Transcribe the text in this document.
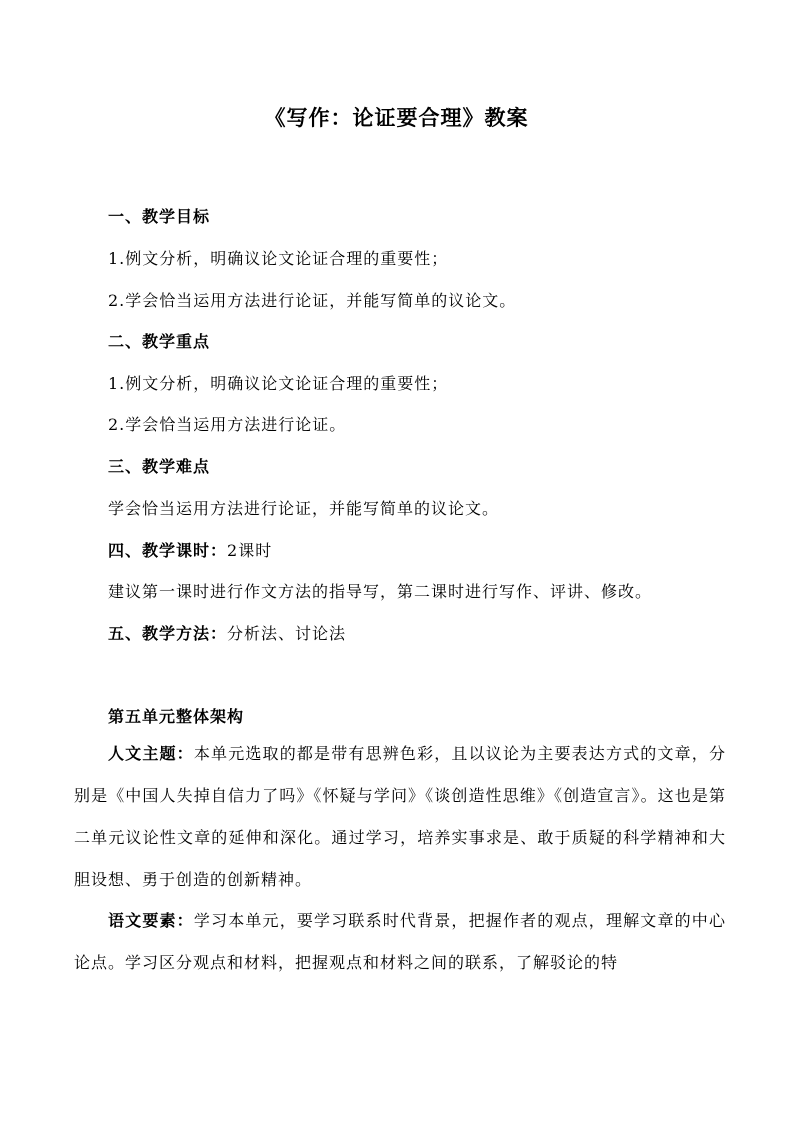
《写作：论证要合理》教案
一、教学目标
1.例文分析，明确议论文论证合理的重要性；
2.学会恰当运用方法进行论证，并能写简单的议论文。
二、教学重点
1.例文分析，明确议论文论证合理的重要性；
2.学会恰当运用方法进行论证。
三、教学难点
学会恰当运用方法进行论证，并能写简单的议论文。
四、教学课时：2课时
建议第一课时进行作文方法的指导写，第二课时进行写作、评讲、修改。
五、教学方法：分析法、讨论法
第五单元整体架构
人文主题：本单元选取的都是带有思辨色彩，且以议论为主要表达方式的文章，分别是《中国人失掉自信力了吗》《怀疑与学问》《谈创造性思维》《创造宣言》。这也是第二单元议论性文章的延伸和深化。通过学习，培养实事求是、敢于质疑的科学精神和大胆设想、勇于创造的创新精神。
语文要素：学习本单元，要学习联系时代背景，把握作者的观点，理解文章的中心论点。学习区分观点和材料，把握观点和材料之间的联系，了解驳论的特
